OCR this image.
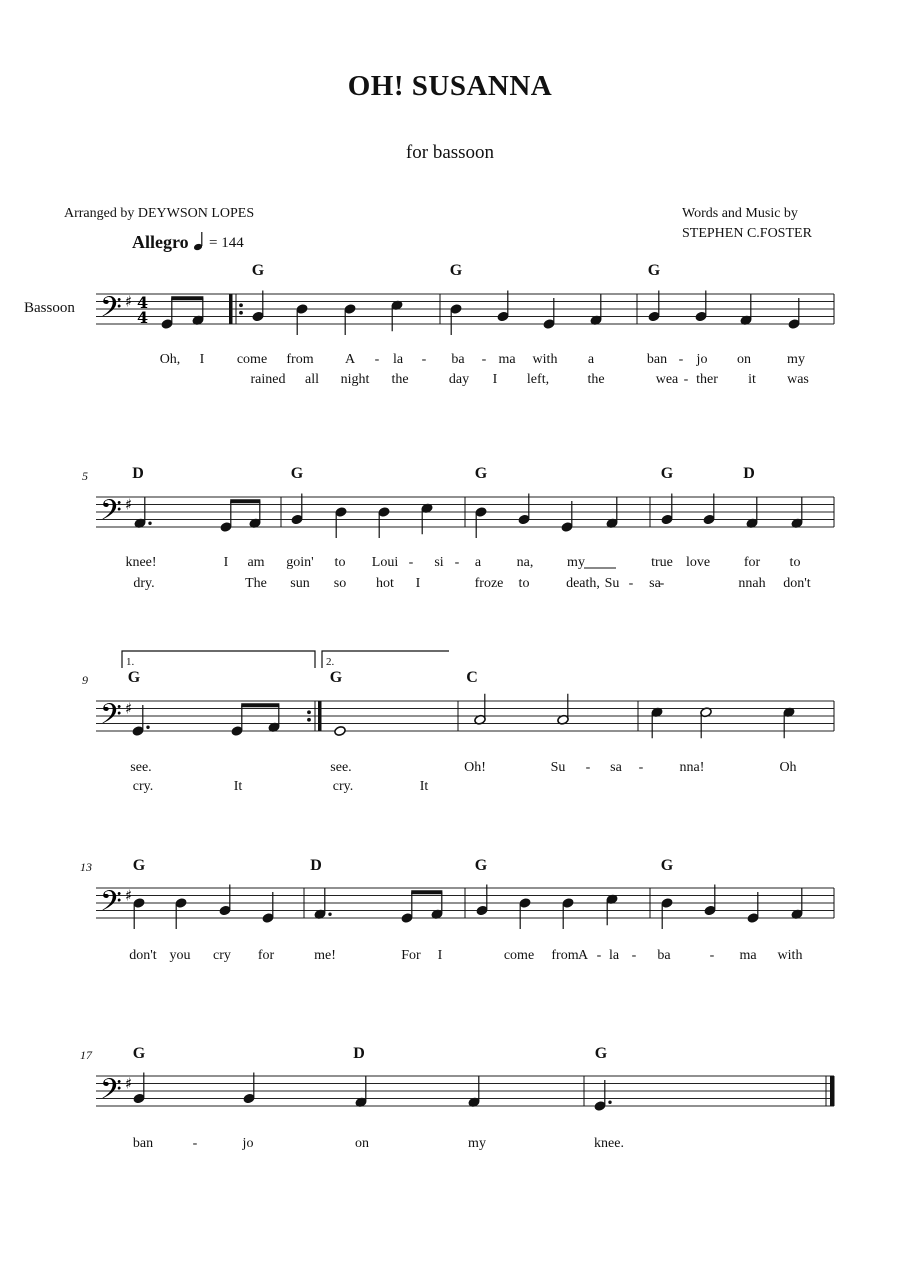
OH! SUSANNA
for bassoon
Arranged by DEYWSON LOPES	Words and Music by
STEPHEN C.FOSTER
Allegro = 144
Bassoon 𝄢 ♯
𝄢 ♯
𝄢 ♯
𝄢 ♯
𝄢 ♯
4
4
1.	2.
5
9
13
17
G	G	G
D	G	G	G	D
G	G	C
G	D	G	G
G	D	G
Oh, I come from A - la - ba - ma with a	ban - jo on	my
knee!	I am goin' to Loui - si - a	na, my	true love for to
see.	see.	Oh!	Su - sa -	nna!	Oh
don't you cry for	me!	For I	come from A - la - ba	- ma with
ban	-	jo	on	my	knee.
rained all night the	day I left,	the	wea - ther it was
dry.	The sun so hot I	froze to	death, Su - sa
-	nnah don't
cry.	It	cry.	It
